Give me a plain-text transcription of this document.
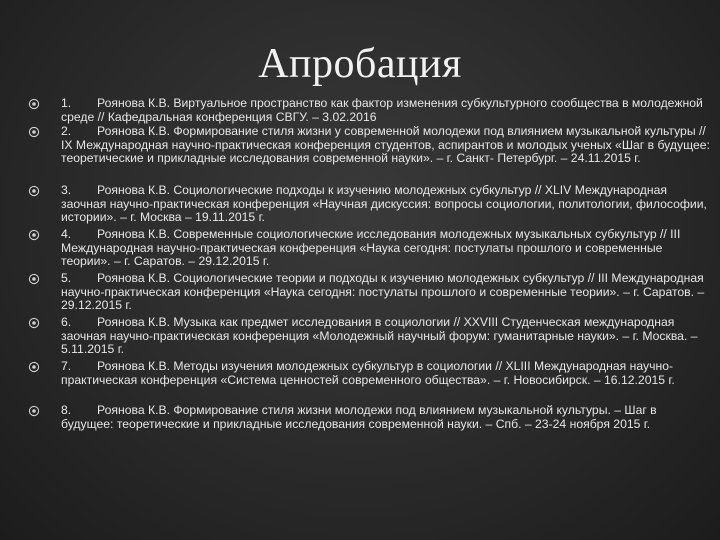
Апробация
1. Роянова К.В. Виртуальное пространство как фактор изменения субкультурного сообщества в молодежной среде // Кафедральная конференция СВГУ. – 3.02.2016
2. Роянова К.В. Формирование стиля жизни у современной молодежи под влиянием музыкальной культуры // IX Международная научно-практическая конференция студентов, аспирантов и молодых ученых «Шаг в будущее: теоретические и прикладные исследования современной науки». – г. Санкт- Петербург. – 24.11.2015 г.
3. Роянова К.В. Социологические подходы к изучению молодежных субкультур // XLIV Международная заочная научно-практическая конференция «Научная дискуссия: вопросы социологии, политологии, философии, истории». – г. Москва – 19.11.2015 г.
4. Роянова К.В. Современные социологические исследования молодежных музыкальных субкультур // III Международная научно-практическая конференция «Наука сегодня: постулаты прошлого и современные теории». – г. Саратов. – 29.12.2015 г.
5. Роянова К.В. Социологические теории и подходы к изучению молодежных субкультур // III Международная научно-практическая конференция «Наука сегодня: постулаты прошлого и современные теории». – г. Саратов. – 29.12.2015 г.
6. Роянова К.В. Музыка как предмет исследования в социологии // XXVIII Студенческая международная заочная научно-практическая конференция «Молодежный научный форум: гуманитарные науки». – г. Москва. – 5.11.2015 г.
7. Роянова К.В. Методы изучения молодежных субкультур в социологии // XLIII Международная научно-практическая конференция «Система ценностей современного общества». – г. Новосибирск. – 16.12.2015 г.
8. Роянова К.В. Формирование стиля жизни молодежи под влиянием музыкальной культуры. – Шаг в будущее: теоретические и прикладные исследования современной науки. – Спб. – 23-24 ноября 2015 г.
